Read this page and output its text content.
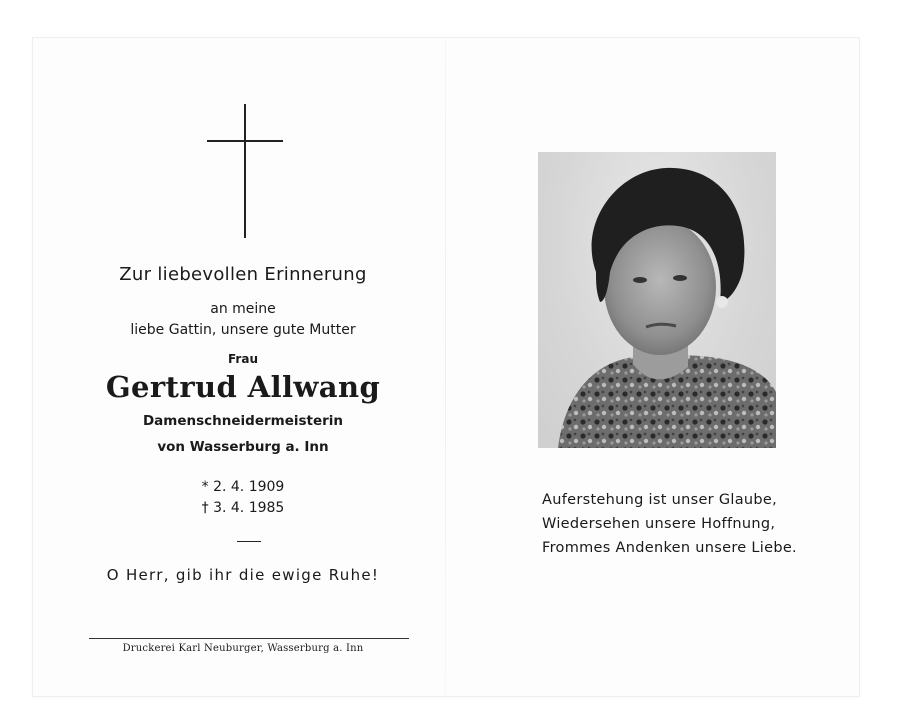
Zur liebevollen Erinnerung
an meine
liebe Gattin, unsere gute Mutter
Frau
Gertrud Allwang
Damenschneidermeisterin
von Wasserburg a. Inn
* 2. 4. 1909
† 3. 4. 1985
O Herr, gib ihr die ewige Ruhe!
Druckerei Karl Neuburger, Wasserburg a. Inn
Auferstehung ist unser Glaube,
Wiedersehen unsere Hoffnung,
Frommes Andenken unsere Liebe.
